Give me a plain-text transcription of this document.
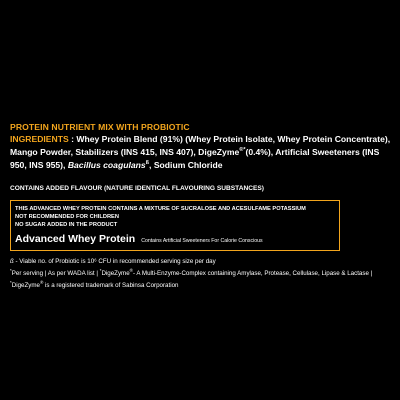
PROTEIN NUTRIENT MIX WITH PROBIOTIC
INGREDIENTS : Whey Protein Blend (91%) (Whey Protein Isolate, Whey Protein Concentrate), Mango Powder, Stabilizers (INS 415, INS 407), DigeZyme®*(0.4%), Artificial Sweeteners (INS 950, INS 955), Bacillus coagulans$^ß$, Sodium Chloride
CONTAINS ADDED FLAVOUR (NATURE IDENTICAL FLAVOURING SUBSTANCES)
THIS ADVANCED WHEY PROTEIN CONTAINS A MIXTURE OF SUCRALOSE AND ACESULFAME POTASSIUM
NOT RECOMMENDED FOR CHILDREN
NO SUGAR ADDED IN THE PRODUCT
Advanced Whey Protein Contains Artificial Sweeteners For Calorie Conscious
ß - Viable no. of Probiotic is 10⁶ CFU in recommended serving size per day
*Per serving | As per WADA list | *DigeZyme®- A Multi-Enzyme-Complex containing Amylase, Protease, Cellulase, Lipase & Lactase | *DigeZyme® is a registered trademark of Sabinsa Corporation
